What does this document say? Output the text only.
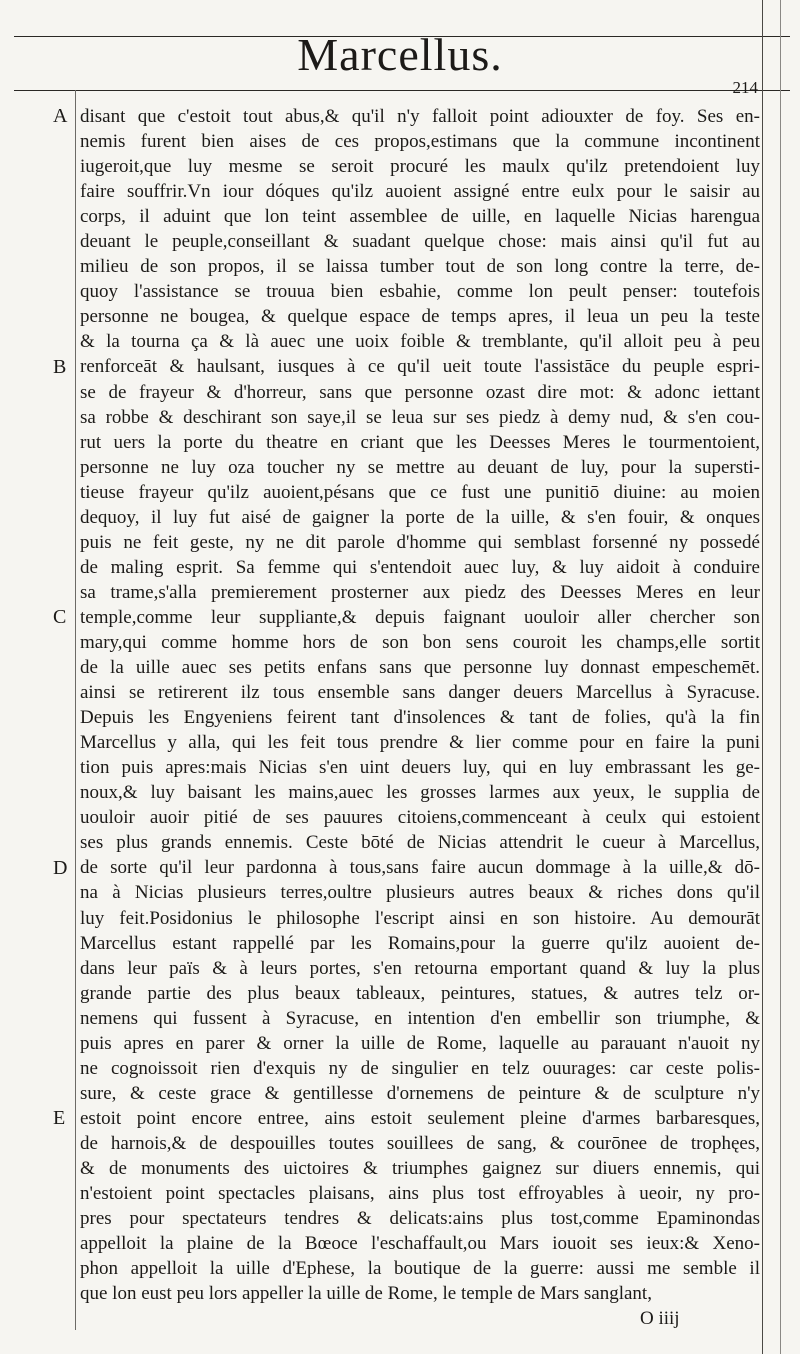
Marcellus.
214
A
B
C
D
E
disant que c'estoit tout abus,& qu'il n'y falloit point adiouxter de foy. Ses en-
nemis furent bien aises de ces propos,estimans que la commune incontinent
iugeroit,que luy mesme se seroit procuré les maulx qu'ilz pretendoient luy
faire souffrir.Vn iour dóques qu'ilz auoient assigné entre eulx pour le saisir au
corps, il aduint que lon teint assemblee de uille, en laquelle Nicias harengua
deuant le peuple,conseillant & suadant quelque chose: mais ainsi qu'il fut au
milieu de son propos, il se laissa tumber tout de son long contre la terre, de-
quoy l'assistance se trouua bien esbahie, comme lon peult penser: toutefois
personne ne bougea, & quelque espace de temps apres, il leua un peu la teste
& la tourna ça & là auec une uoix foible & tremblante, qu'il alloit peu à peu
renforceāt & haulsant, iusques à ce qu'il ueit toute l'assistāce du peuple espri-
se de frayeur & d'horreur, sans que personne ozast dire mot: & adonc iettant
sa robbe & deschirant son saye,il se leua sur ses piedz à demy nud, & s'en cou-
rut uers la porte du theatre en criant que les Deesses Meres le tourmentoient,
personne ne luy oza toucher ny se mettre au deuant de luy, pour la supersti-
tieuse frayeur qu'ilz auoient,pésans que ce fust une punitiō diuine: au moien
dequoy, il luy fut aisé de gaigner la porte de la uille, & s'en fouir, & onques
puis ne feit geste, ny ne dit parole d'homme qui semblast forsenné ny possedé
de maling esprit. Sa femme qui s'entendoit auec luy, & luy aidoit à conduire
sa trame,s'alla premierement prosterner aux piedz des Deesses Meres en leur
temple,comme leur suppliante,& depuis faignant uouloir aller chercher son
mary,qui comme homme hors de son bon sens couroit les champs,elle sortit
de la uille auec ses petits enfans sans que personne luy donnast empeschemēt.
ainsi se retirerent ilz tous ensemble sans danger deuers Marcellus à Syracuse.
Depuis les Engyeniens feirent tant d'insolences & tant de folies, qu'à la fin
Marcellus y alla, qui les feit tous prendre & lier comme pour en faire la puni
tion puis apres:mais Nicias s'en uint deuers luy, qui en luy embrassant les ge-
noux,& luy baisant les mains,auec les grosses larmes aux yeux, le supplia de
uouloir auoir pitié de ses pauures citoiens,commenceant à ceulx qui estoient
ses plus grands ennemis. Ceste bōté de Nicias attendrit le cueur à Marcellus,
de sorte qu'il leur pardonna à tous,sans faire aucun dommage à la uille,& dō-
na à Nicias plusieurs terres,oultre plusieurs autres beaux & riches dons qu'il
luy feit.Posidonius le philosophe l'escript ainsi en son histoire. Au demourāt
Marcellus estant rappellé par les Romains,pour la guerre qu'ilz auoient de-
dans leur païs & à leurs portes, s'en retourna emportant quand & luy la plus
grande partie des plus beaux tableaux, peintures, statues, & autres telz or-
nemens qui fussent à Syracuse, en intention d'en embellir son triumphe, &
puis apres en parer & orner la uille de Rome, laquelle au parauant n'auoit ny
ne cognoissoit rien d'exquis ny de singulier en telz ouurages: car ceste polis-
sure, & ceste grace & gentillesse d'ornemens de peinture & de sculpture n'y
estoit point encore entree, ains estoit seulement pleine d'armes barbaresques,
de harnois,& de despouilles toutes souillees de sang, & courōnee de trophęes,
& de monuments des uictoires & triumphes gaignez sur diuers ennemis, qui
n'estoient point spectacles plaisans, ains plus tost effroyables à ueoir, ny pro-
pres pour spectateurs tendres & delicats:ains plus tost,comme Epaminondas
appelloit la plaine de la Bœoce l'eschaffault,ou Mars iouoit ses ieux:& Xeno-
phon appelloit la uille d'Ephese, la boutique de la guerre: aussi me semble il
que lon eust peu lors appeller la uille de Rome, le temple de Mars sanglant,
O iiij
